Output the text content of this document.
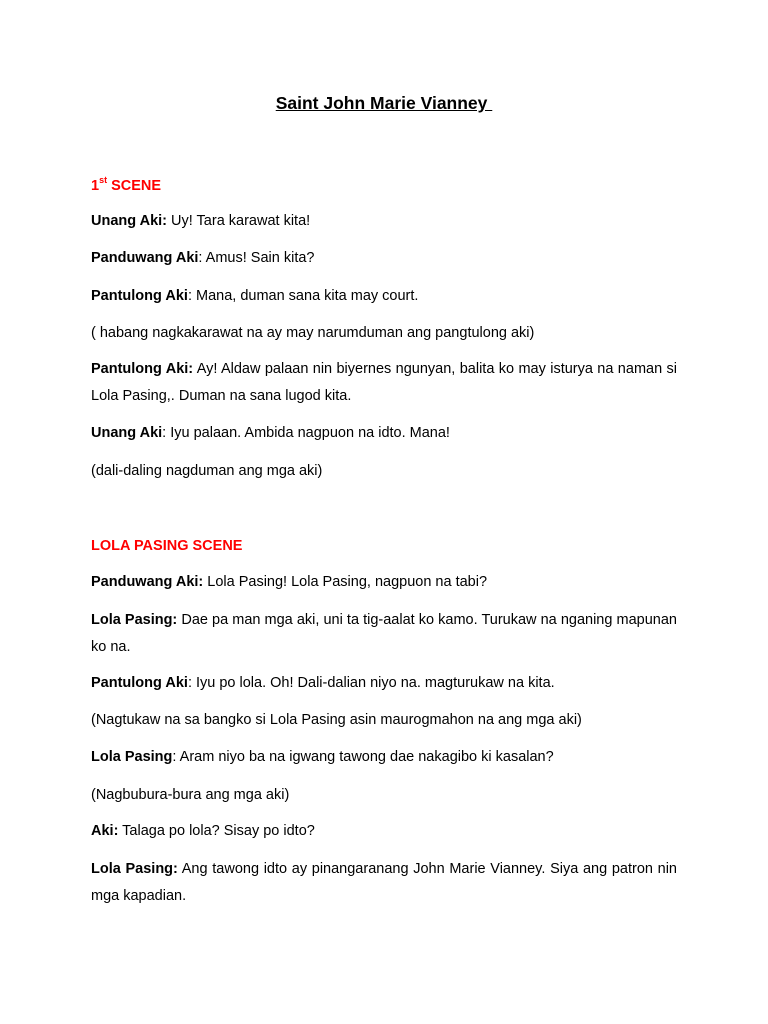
Saint John Marie Vianney
1st SCENE
Unang Aki: Uy! Tara karawat kita!
Panduwang Aki: Amus! Sain kita?
Pantulong Aki: Mana, duman sana kita may court.
( habang nagkakarawat na ay may narumduman ang pangtulong aki)
Pantulong Aki: Ay! Aldaw palaan nin biyernes ngunyan, balita ko may isturya na naman si Lola Pasing,. Duman na sana lugod kita.
Unang Aki: Iyu palaan. Ambida nagpuon na idto. Mana!
(dali-daling nagduman ang mga aki)
LOLA PASING SCENE
Panduwang Aki: Lola Pasing! Lola Pasing, nagpuon na tabi?
Lola Pasing: Dae pa man mga aki, uni ta tig-aalat ko kamo. Turukaw na nganing mapunan ko na.
Pantulong Aki: Iyu po lola. Oh! Dali-dalian niyo na. magturukaw na kita.
(Nagtukaw na sa bangko si Lola Pasing asin maurogmahon na ang mga aki)
Lola Pasing: Aram niyo ba na igwang tawong dae nakagibo ki kasalan?
(Nagbubura-bura ang mga aki)
Aki: Talaga po lola? Sisay po idto?
Lola Pasing: Ang tawong idto ay pinangaranang John Marie Vianney. Siya ang patron nin mga kapadian.
